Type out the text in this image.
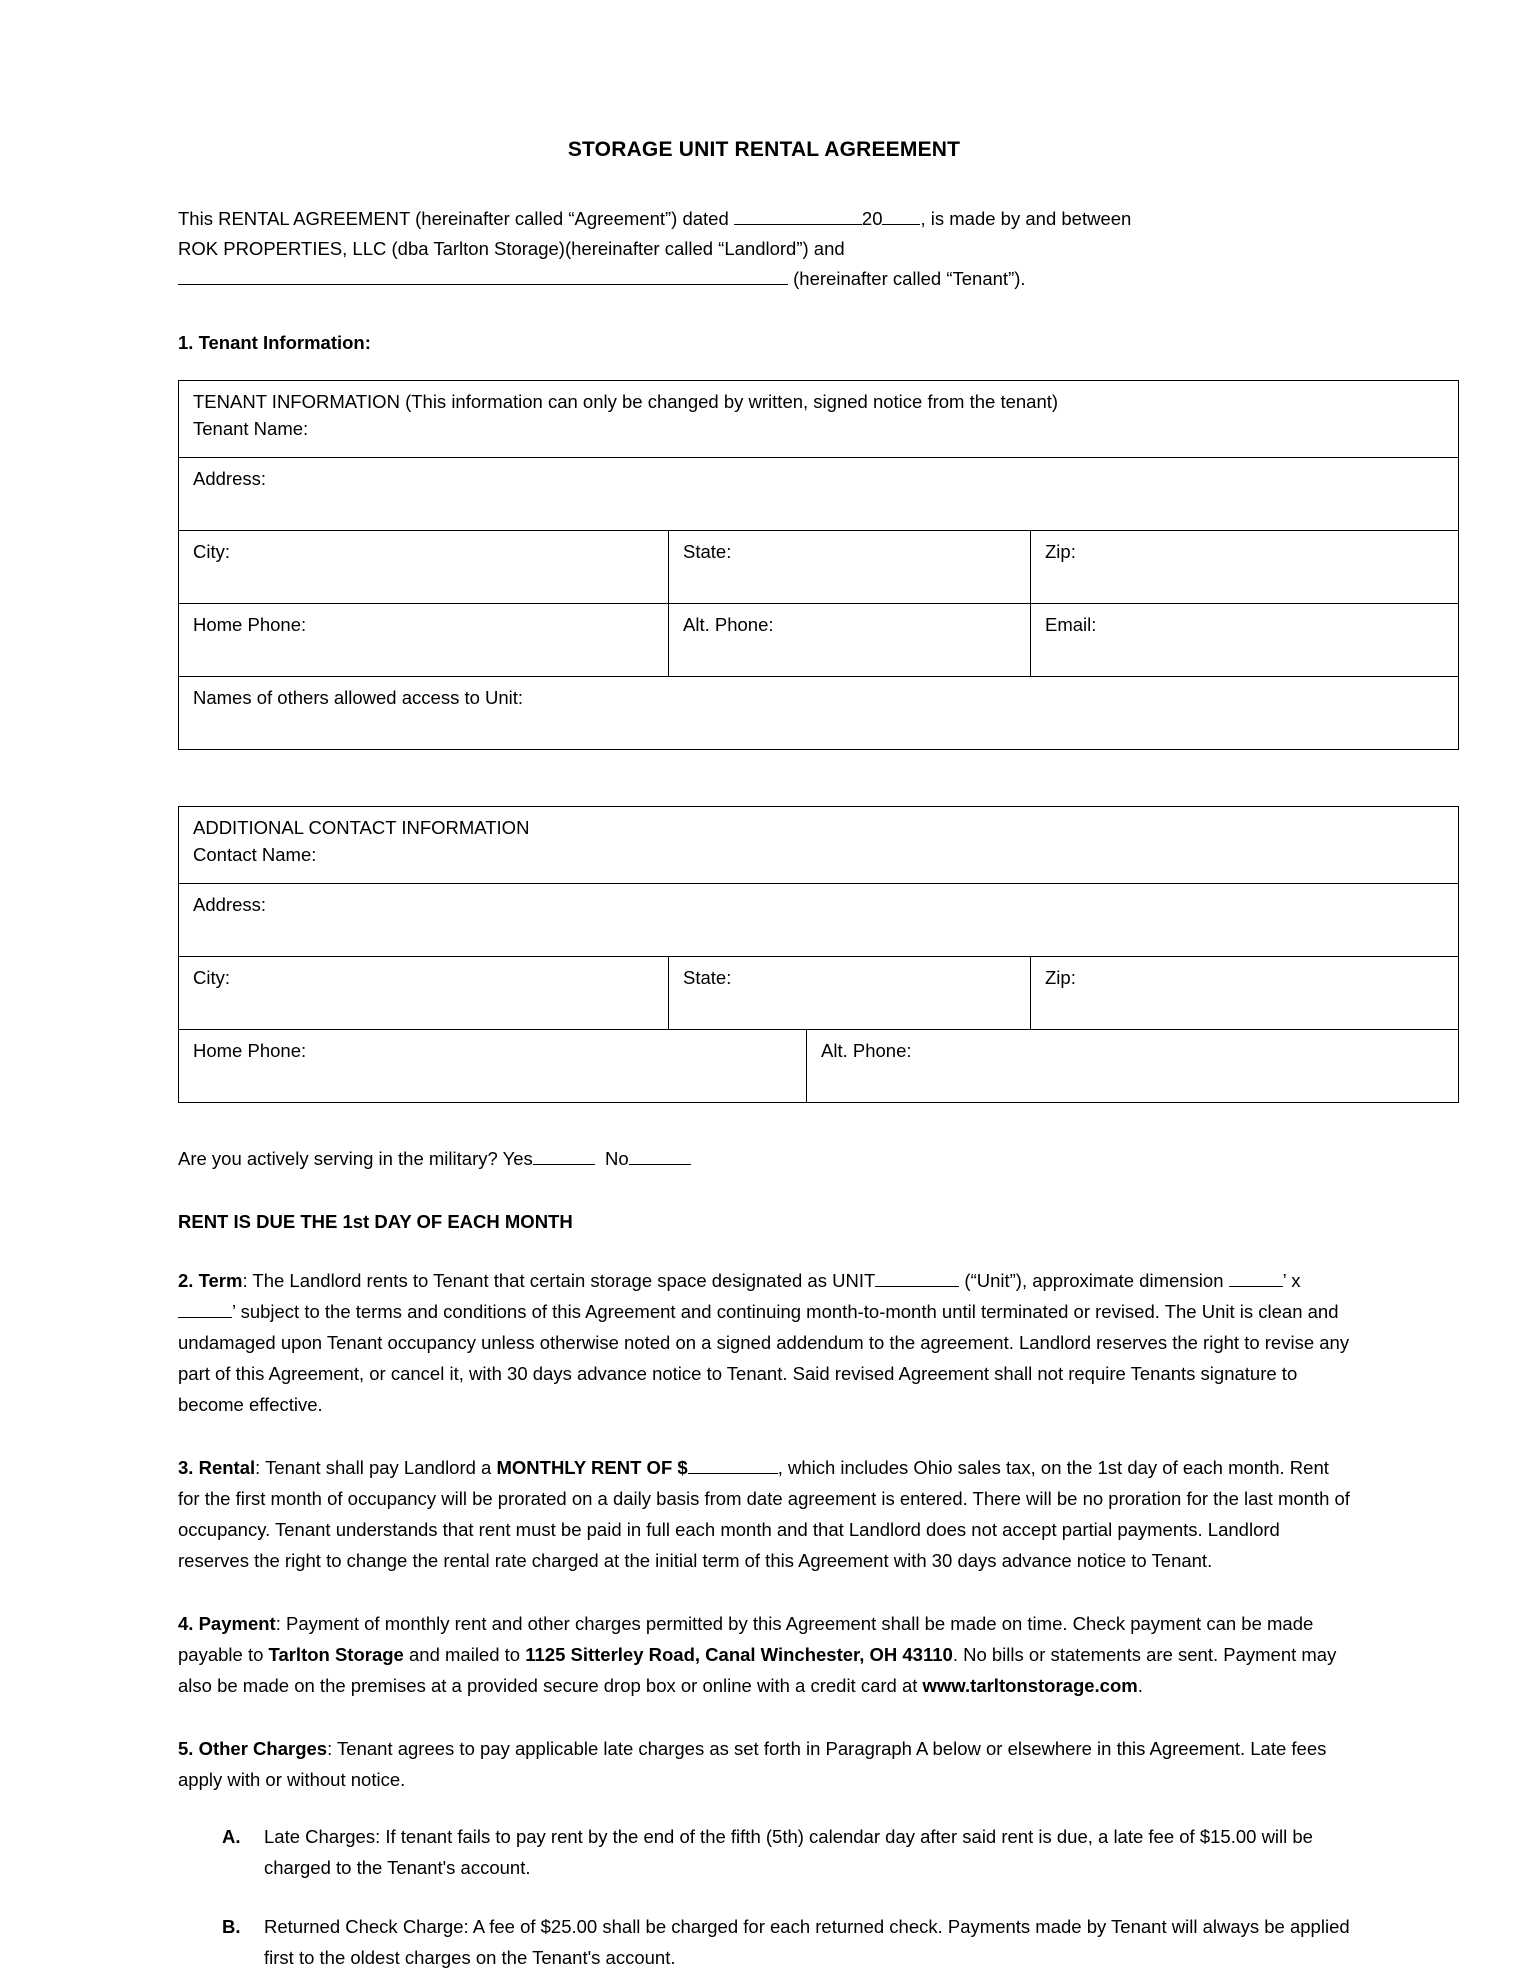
STORAGE UNIT RENTAL AGREEMENT
This RENTAL AGREEMENT (hereinafter called “Agreement”) dated	20 , is made by and between
ROK PROPERTIES, LLC (dba Tarlton Storage)(hereinafter called “Landlord”) and
(hereinafter called “Tenant”).
1. Tenant Information:
TENANT INFORMATION (This information can only be changed by written, signed notice from the tenant)
Tenant Name:		
Address:		
City:	State:	Zip:
Home Phone:	Alt. Phone:	Email:
Names of others allowed access to Unit:		
ADDITIONAL CONTACT INFORMATION
Contact Name:			
Address:			
City:	State:		Zip:
Home Phone:		Alt. Phone:	
Are you actively serving in the military? Yes	No
RENT IS DUE THE 1st DAY OF EACH MONTH

2. Term: The Landlord rents to Tenant that certain storage space designated as UNIT	(“Unit”), approximate dimension	’ x ’ subject to the terms and conditions of this Agreement and continuing month-to-month until terminated or revised. The Unit is clean and undamaged upon Tenant occupancy unless otherwise noted on a signed addendum to the agreement. Landlord reserves the right to revise any part of this Agreement, or cancel it, with 30 days advance notice to Tenant. Said revised Agreement shall not require Tenants signature to become effective.

3. Rental: Tenant shall pay Landlord a MONTHLY RENT OF $	, which includes Ohio sales tax, on the 1st day of each month. Rent for the first month of occupancy will be prorated on a daily basis from date agreement is entered. There will be no proration for the last month of occupancy. Tenant understands that rent must be paid in full each month and that Landlord does not accept partial payments. Landlord reserves the right to change the rental rate charged at the initial term of this Agreement with 30 days advance notice to Tenant.

4. Payment: Payment of monthly rent and other charges permitted by this Agreement shall be made on time. Check payment can be made payable to Tarlton Storage and mailed to 1125 Sitterley Road, Canal Winchester, OH 43110. No bills or statements are sent. Payment may also be made on the premises at a provided secure drop box or online with a credit card at www.tarltonstorage.com.

5. Other Charges: Tenant agrees to pay applicable late charges as set forth in Paragraph A below or elsewhere in this Agreement. Late fees apply with or without notice.

A. Late Charges: If tenant fails to pay rent by the end of the fifth (5th) calendar day after said rent is due, a late fee of $15.00 will be charged to the Tenant's account.
B. Returned Check Charge: A fee of $25.00 shall be charged for each returned check. Payments made by Tenant will always be applied first to the oldest charges on the Tenant's account.
